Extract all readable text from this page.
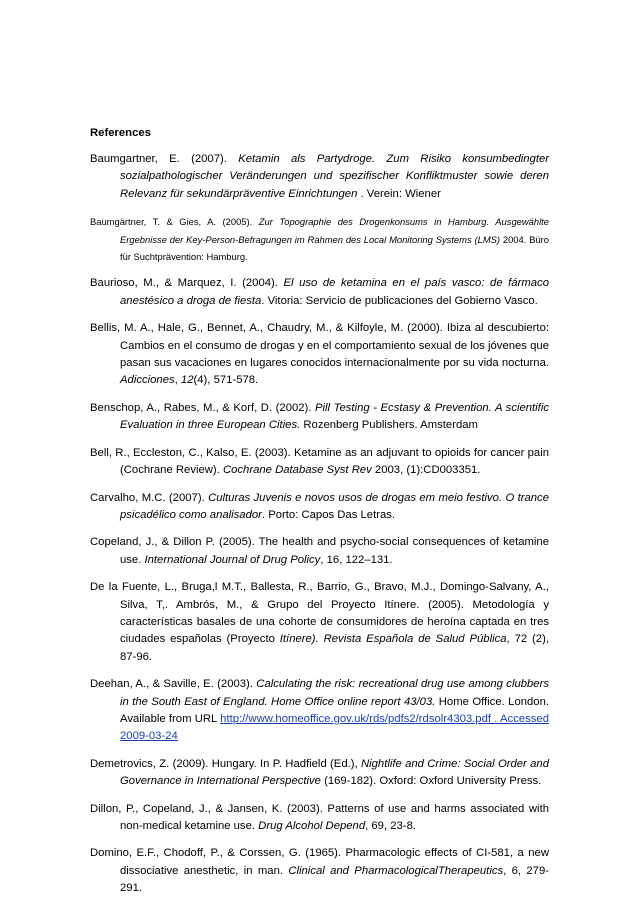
References

Baumgartner, E. (2007). Ketamin als Partydroge. Zum Risiko konsumbedingter sozialpathologischer Veränderungen und spezifischer Konfliktmuster sowie deren Relevanz für sekundärpräventive Einrichtungen . Verein: Wiener

Baumgärtner, T. & Gies, A. (2005). Zur Topographie des Drogenkonsums in Hamburg. Ausgewählte Ergebnisse der Key-Person-Befragungen im Rahmen des Local Monitoring Systems (LMS) 2004. Büro für Suchtprävention: Hamburg.

Baurioso, M., & Marquez, I. (2004). El uso de ketamina en el país vasco: de fármaco anestésico a droga de fiesta. Vitoria: Servicio de publicaciones del Gobierno Vasco.

Bellis, M. A., Hale, G., Bennet, A., Chaudry, M., & Kilfoyle, M. (2000). Ibiza al descubierto: Cambios en el consumo de drogas y en el comportamiento sexual de los jóvenes que pasan sus vacaciones en lugares conocidos internacionalmente por su vida nocturna. Adicciones, 12(4), 571-578.

Benschop, A., Rabes, M., & Korf, D. (2002). Pill Testing - Ecstasy & Prevention. A scientific Evaluation in three European Cities. Rozenberg Publishers. Amsterdam

Bell, R., Eccleston, C., Kalso, E. (2003). Ketamine as an adjuvant to opioids for cancer pain (Cochrane Review). Cochrane Database Syst Rev 2003, (1):CD003351.

Carvalho, M.C. (2007). Culturas Juvenis e novos usos de drogas em meio festivo. O trance psicadélico como analisador. Porto: Capos Das Letras.

Copeland, J., & Dillon P. (2005). The health and psycho-social consequences of ketamine use. International Journal of Drug Policy, 16, 122–131.

De la Fuente, L., Bruga,l M.T., Ballesta, R., Barrio, G., Bravo, M.J., Domingo-Salvany, A., Silva, T,. Ambrós, M., & Grupo del Proyecto Itínere. (2005). Metodología y características basales de una cohorte de consumidores de heroína captada en tres ciudades españolas (Proyecto Itínere). Revista Española de Salud Pública, 72 (2), 87-96.

Deehan, A., & Saville, E. (2003). Calculating the risk: recreational drug use among clubbers in the South East of England. Home Office online report 43/03. Home Office. London. Available from URL http://www.homeoffice.gov.uk/rds/pdfs2/rdsolr4303.pdf . Accessed 2009-03-24

Demetrovics, Z. (2009). Hungary. In P. Hadfield (Ed.), Nightlife and Crime: Social Order and Governance in International Perspective (169-182). Oxford: Oxford University Press.

Dillon, P., Copeland, J., & Jansen, K. (2003). Patterns of use and harms associated with non-medical ketamine use. Drug Alcohol Depend, 69, 23-8.

Domino, E.F., Chodoff, P., & Corssen, G. (1965). Pharmacologic effects of CI-581, a new dissociative anesthetic, in man. Clinical and PharmacologicalTherapeutics, 6, 279-291.
